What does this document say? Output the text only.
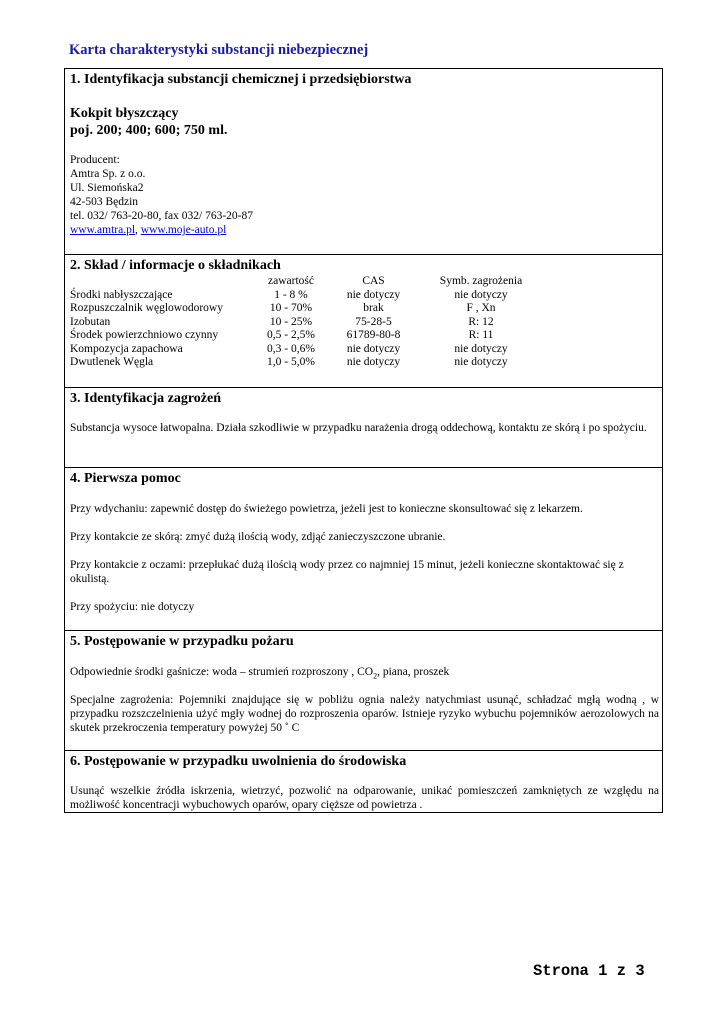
Karta charakterystyki substancji niebezpiecznej
1. Identyfikacja substancji chemicznej i przedsiębiorstwa
Kokpit błyszczący
poj. 200; 400; 600; 750 ml.
Producent:
Amtra Sp. z o.o.
Ul. Siemońska2
42-503 Będzin
tel. 032/ 763-20-80, fax 032/ 763-20-87
www.amtra.pl, www.moje-auto.pl
2. Skład / informacje o składnikach
	zawartość	CAS	Symb. zagrożenia
Środki nabłyszczające	1 - 8 %	nie dotyczy	nie dotyczy
Rozpuszczalnik węglowodorowy	10 - 70%	brak	F , Xn
Izobutan	10 - 25%	75-28-5	R: 12
Środek powierzchniowo czynny	0,5 - 2,5%	61789-80-8	R: 11
Kompozycja zapachowa	0,3 - 0,6%	nie dotyczy	nie dotyczy
Dwutlenek Węgla	1,0 - 5,0%	nie dotyczy	nie dotyczy
3. Identyfikacja zagrożeń
Substancja wysoce łatwopalna. Działa szkodliwie w przypadku narażenia drogą oddechową, kontaktu ze skórą i po spożyciu.
4. Pierwsza pomoc
Przy wdychaniu: zapewnić dostęp do świeżego powietrza, jeżeli jest to konieczne skonsultować się z lekarzem.
Przy kontakcie ze skórą: zmyć dużą ilością wody, zdjąć zanieczyszczone ubranie.
Przy kontakcie z oczami: przepłukać dużą ilością wody przez co najmniej 15 minut, jeżeli konieczne skontaktować się z okulistą.
Przy spożyciu: nie dotyczy
5. Postępowanie w przypadku pożaru
Odpowiednie środki gaśnicze: woda – strumień rozproszony , $CO_2$, piana, proszek
Specjalne zagrożenia: Pojemniki znajdujące się w pobliżu ognia należy natychmiast usunąć, schładzać mgłą wodną , w przypadku rozszczelnienia użyć mgły wodnej do rozproszenia oparów. Istnieje ryzyko wybuchu pojemników aerozolowych na skutek przekroczenia temperatury powyżej 50 ˚ C
6. Postępowanie w przypadku uwolnienia do środowiska
Usunąć wszelkie źródła iskrzenia, wietrzyć, pozwolić na odparowanie, unikać pomieszczeń zamkniętych ze względu na możliwość koncentracji wybuchowych oparów, opary cięższe od powietrza .
Strona 1 z 3
